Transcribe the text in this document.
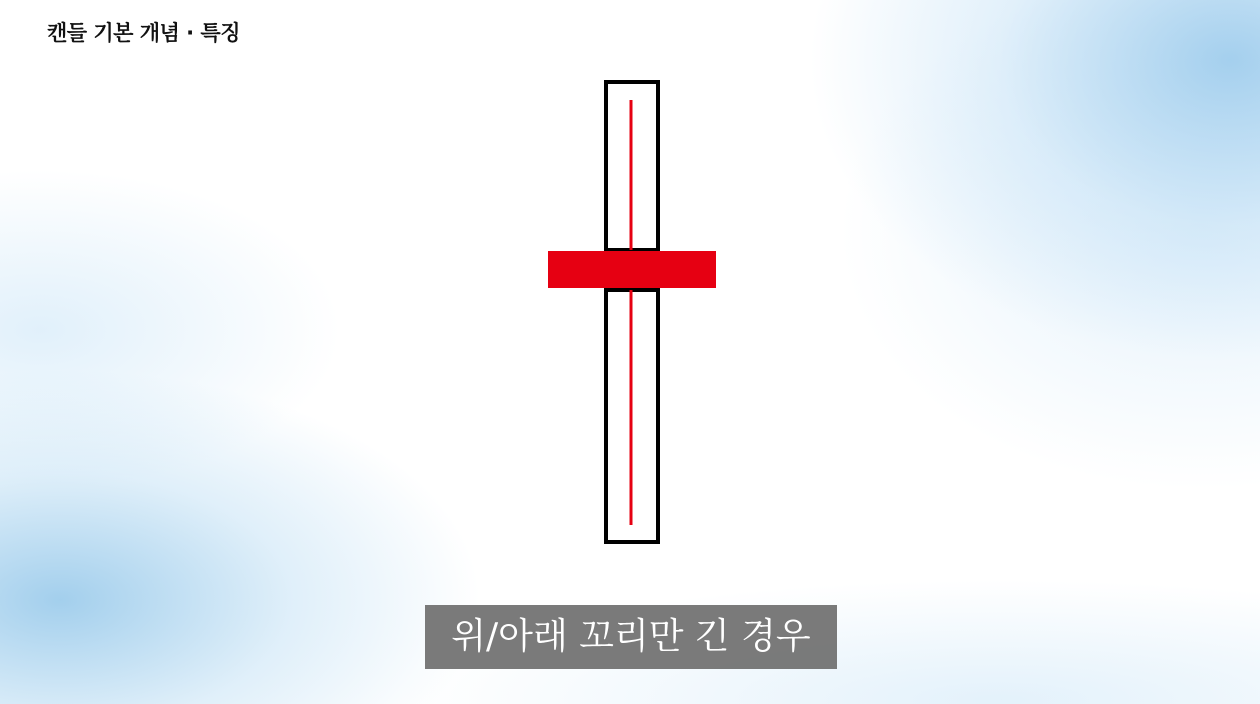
캔들 기본 개념 · 특징
위/아래 꼬리만 긴 경우
